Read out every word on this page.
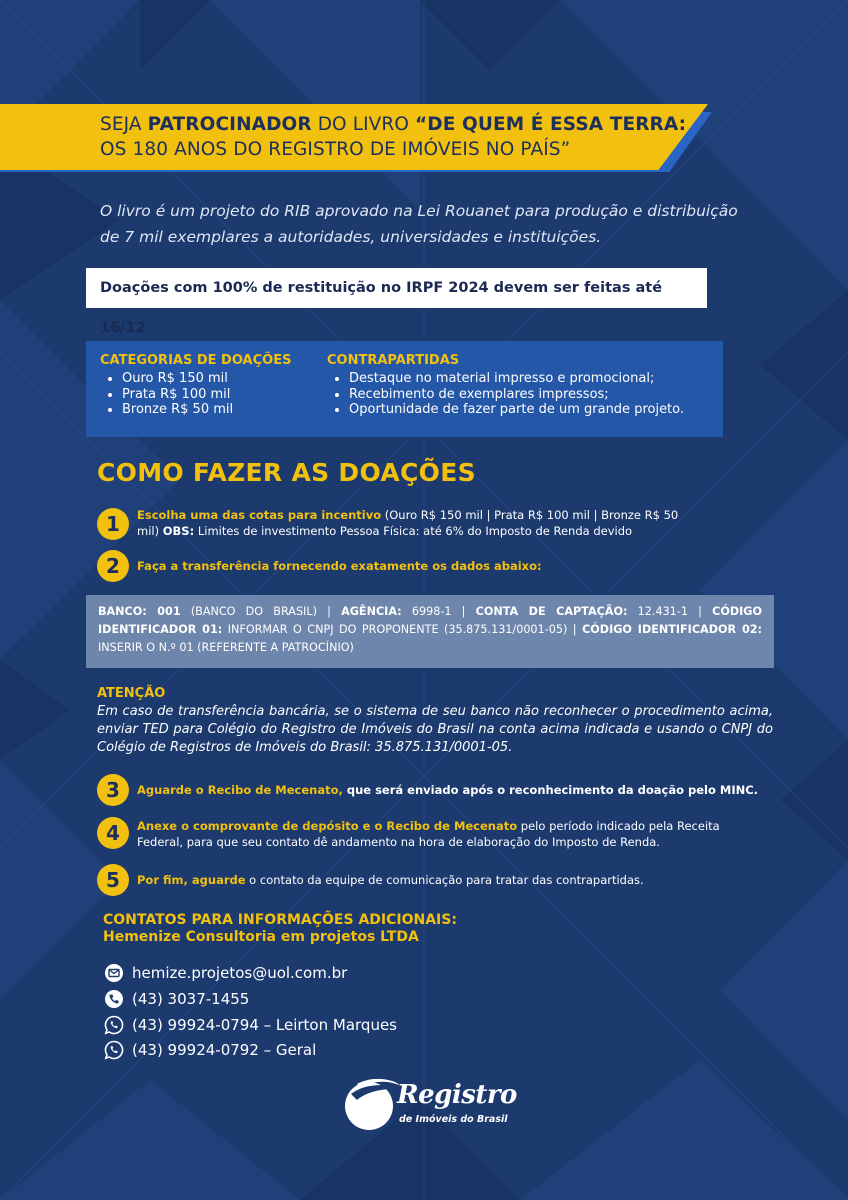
SEJA PATROCINADOR DO LIVRO “DE QUEM É ESSA TERRA: OS 180 ANOS DO REGISTRO DE IMÓVEIS NO PAÍS”
O livro é um projeto do RIB aprovado na Lei Rouanet para produção e distribuição de 7 mil exemplares a autoridades, universidades e instituições.
Doações com 100% de restituição no IRPF 2024 devem ser feitas até 16/12
CATEGORIAS DE DOAÇÕES
• Ouro R$ 150 mil
• Prata R$ 100 mil
• Bronze R$ 50 mil
CONTRAPARTIDAS
• Destaque no material impresso e promocional;
• Recebimento de exemplares impressos;
• Oportunidade de fazer parte de um grande projeto.
COMO FAZER AS DOAÇÕES
1	Escolha uma das cotas para incentivo (Ouro R$ 150 mil | Prata R$ 100 mil | Bronze R$ 50 mil) OBS: Limites de investimento Pessoa Física: até 6% do Imposto de Renda devido
2	Faça a transferência fornecendo exatamente os dados abaixo:
BANCO: 001 (BANCO DO BRASIL) | AGÊNCIA: 6998-1 | CONTA DE CAPTAÇÃO: 12.431-1 | CÓDIGO IDENTIFICADOR 01: INFORMAR O CNPJ DO PROPONENTE (35.875.131/0001-05) | CÓDIGO IDENTIFICADOR 02: INSERIR O N.º 01 (REFERENTE A PATROCÍNIO)
ATENÇÃO
Em caso de transferência bancária, se o sistema de seu banco não reconhecer o procedimento acima, enviar TED para Colégio do Registro de Imóveis do Brasil na conta acima indicada e usando o CNPJ do Colégio de Registros de Imóveis do Brasil: 35.875.131/0001-05.
3	Aguarde o Recibo de Mecenato, que será enviado após o reconhecimento da doação pelo MINC.
4	Anexe o comprovante de depósito e o Recibo de Mecenato pelo período indicado pela Receita Federal, para que seu contato dê andamento na hora de elaboração do Imposto de Renda.
5	Por fim, aguarde o contato da equipe de comunicação para tratar das contrapartidas.
CONTATOS PARA INFORMAÇÕES ADICIONAIS:
Hemenize Consultoria em projetos LTDA
hemize.projetos@uol.com.br
(43) 3037-1455
(43) 99924-0794 – Leirton Marques
(43) 99924-0792 – Geral
Registro
de Imóveis do Brasil
